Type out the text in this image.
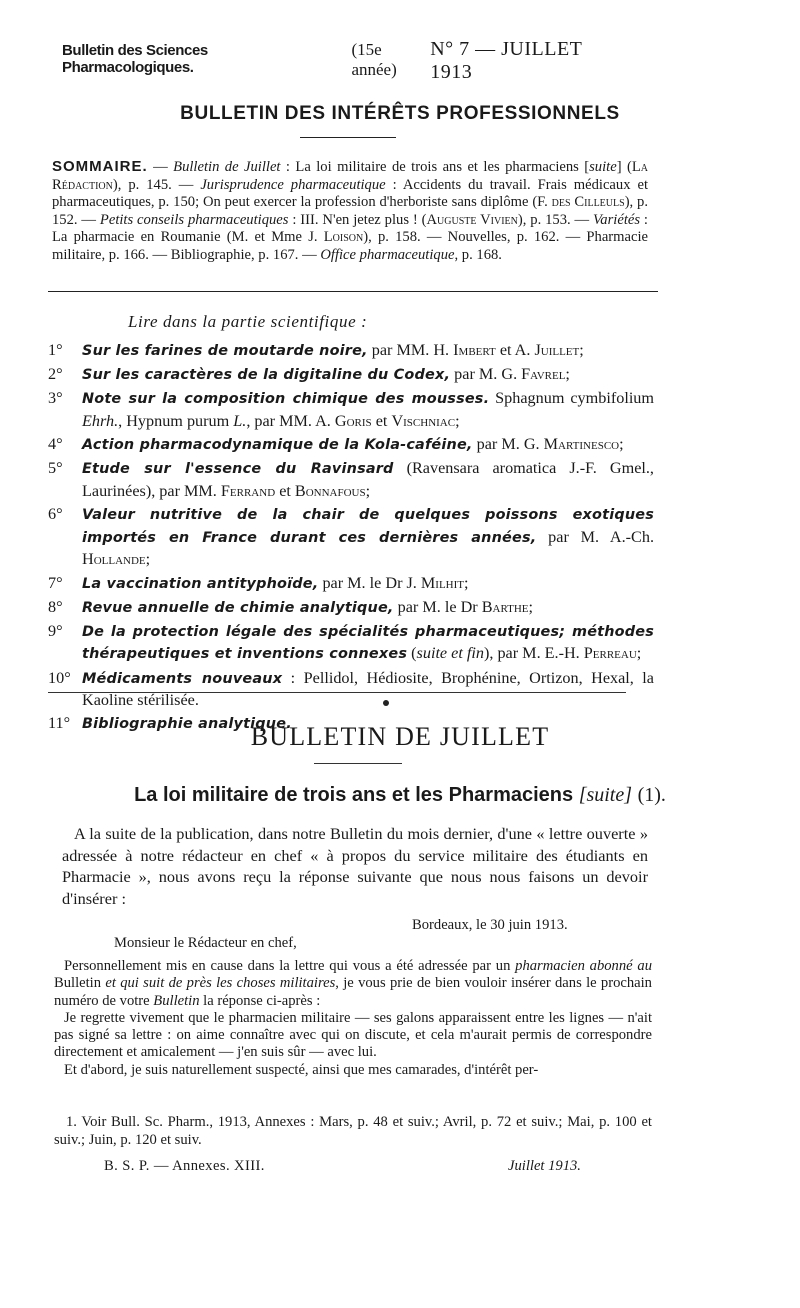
Bulletin des Sciences Pharmacologiques.
(15e année)
N° 7 — JUILLET 1913
BULLETIN DES INTÉRÊTS PROFESSIONNELS
SOMMAIRE. — Bulletin de Juillet : La loi militaire de trois ans et les pharmaciens [suite] (La Rédaction), p. 145. — Jurisprudence pharmaceutique : Accidents du travail. Frais médicaux et pharmaceutiques, p. 150; On peut exercer la profession d'herboriste sans diplôme (F. des Cilleuls), p. 152. — Petits conseils pharmaceutiques : III. N'en jetez plus ! (Auguste Vivien), p. 153. — Variétés : La pharmacie en Roumanie (M. et Mme J. Loison), p. 158. — Nouvelles, p. 162. — Pharmacie militaire, p. 166. — Bibliographie, p. 167. — Office pharmaceutique, p. 168.
Lire dans la partie scientifique :
1° Sur les farines de moutarde noire, par MM. H. Imbert et A. Juillet;
2° Sur les caractères de la digitaline du Codex, par M. G. Favrel;
3° Note sur la composition chimique des mousses. Sphagnum cymbifolium Ehrh., Hypnum purum L., par MM. A. Goris et Vischniac;
4° Action pharmacodynamique de la Kola-caféine, par M. G. Martinesco;
5° Etude sur l'essence du Ravinsard (Ravensara aromatica J.-F. Gmel., Laurinées), par MM. Ferrand et Bonnafous;
6° Valeur nutritive de la chair de quelques poissons exotiques importés en France durant ces dernières années, par M. A.-Ch. Hollande;
7° La vaccination antityphoïde, par M. le Dr J. Milhit;
8° Revue annuelle de chimie analytique, par M. le Dr Barthe;
9° De la protection légale des spécialités pharmaceutiques; méthodes thérapeutiques et inventions connexes (suite et fin), par M. E.-H. Perreau;
10° Médicaments nouveaux : Pellidol, Hédiosite, Brophénine, Ortizon, Hexal, la Kaoline stérilisée.
11° Bibliographie analytique.
BULLETIN DE JUILLET
La loi militaire de trois ans et les Pharmaciens [suite] (1).
A la suite de la publication, dans notre Bulletin du mois dernier, d'une « lettre ouverte » adressée à notre rédacteur en chef « à propos du service militaire des étudiants en Pharmacie », nous avons reçu la réponse suivante que nous nous faisons un devoir d'insérer :
Bordeaux, le 30 juin 1913.
Monsieur le Rédacteur en chef,

Personnellement mis en cause dans la lettre qui vous a été adressée par un pharmacien abonné au Bulletin et qui suit de près les choses militaires, je vous prie de bien vouloir insérer dans le prochain numéro de votre Bulletin la réponse ci-après :

Je regrette vivement que le pharmacien militaire — ses galons apparaissent entre les lignes — n'ait pas signé sa lettre : on aime connaître avec qui on discute, et cela m'aurait permis de correspondre directement et amicalement — j'en suis sûr — avec lui.

Et d'abord, je suis naturellement suspecté, ainsi que mes camarades, d'intérêt per-

1. Voir Bull. Sc. Pharm., 1913, Annexes : Mars, p. 48 et suiv.; Avril, p. 72 et suiv.; Mai, p. 100 et suiv.; Juin, p. 120 et suiv.
B. S. P. — Annexes. XIII.	Juillet 1913.
